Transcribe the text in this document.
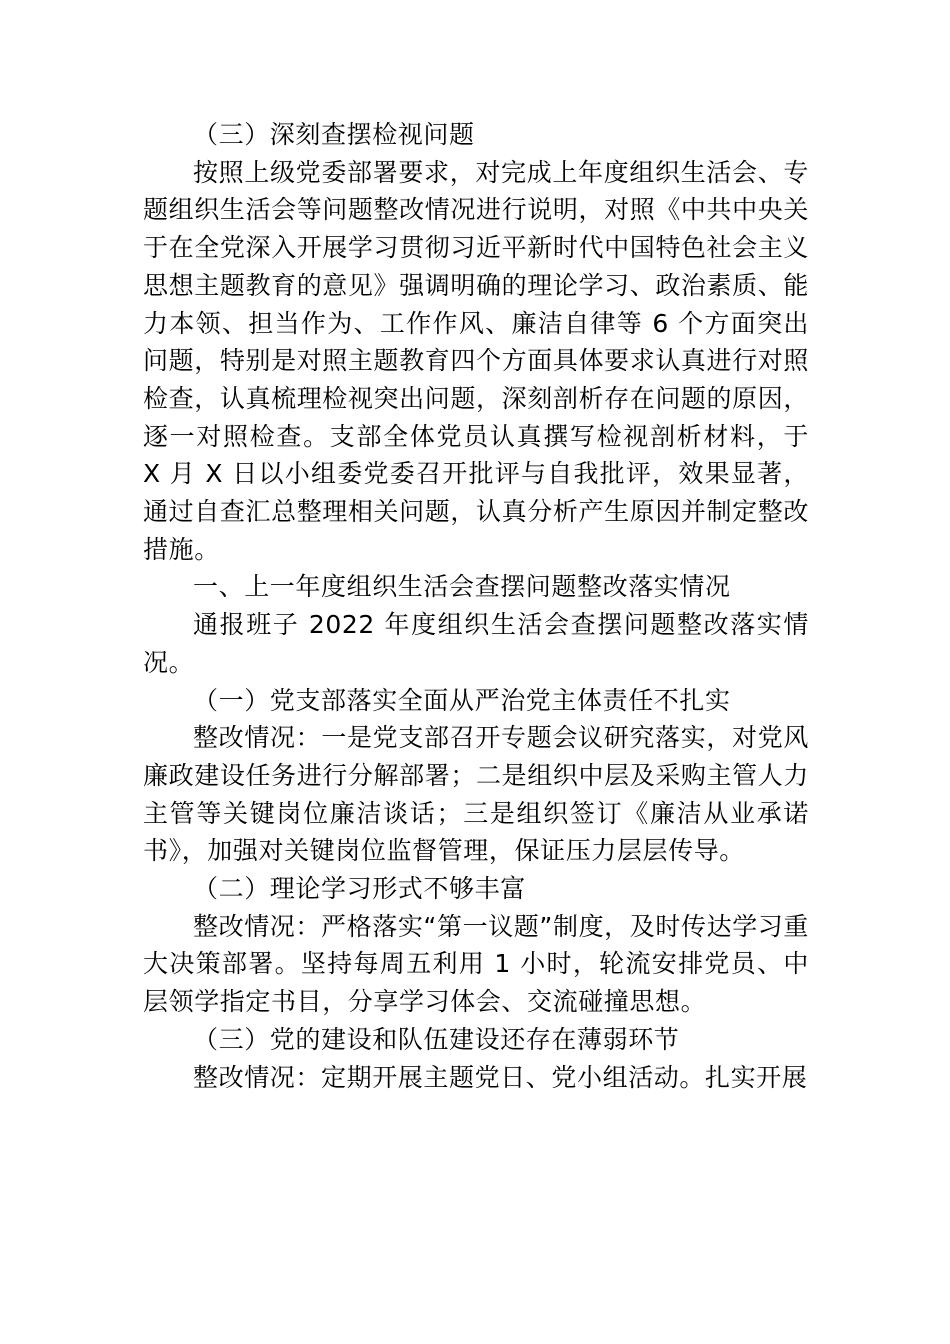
（三）深刻查摆检视问题

按照上级党委部署要求，对完成上年度组织生活会、专题组织生活会等问题整改情况进行说明，对照《中共中央关于在全党深入开展学习贯彻习近平新时代中国特色社会主义思想主题教育的意见》强调明确的理论学习、政治素质、能力本领、担当作为、工作作风、廉洁自律等 6 个方面突出问题，特别是对照主题教育四个方面具体要求认真进行对照检查，认真梳理检视突出问题，深刻剖析存在问题的原因，逐一对照检查。支部全体党员认真撰写检视剖析材料，于 X 月 X 日以小组委党委召开批评与自我批评，效果显著，通过自查汇总整理相关问题，认真分析产生原因并制定整改措施。

一、上一年度组织生活会查摆问题整改落实情况

通报班子 2022 年度组织生活会查摆问题整改落实情况。

（一）党支部落实全面从严治党主体责任不扎实

整改情况：一是党支部召开专题会议研究落实，对党风廉政建设任务进行分解部署；二是组织中层及采购主管人力主管等关键岗位廉洁谈话；三是组织签订《廉洁从业承诺书》，加强对关键岗位监督管理，保证压力层层传导。

（二）理论学习形式不够丰富

整改情况：严格落实“第一议题”制度，及时传达学习重大决策部署。坚持每周五利用 1 小时，轮流安排党员、中层领学指定书目，分享学习体会、交流碰撞思想。

（三）党的建设和队伍建设还存在薄弱环节

整改情况：定期开展主题党日、党小组活动。扎实开展
